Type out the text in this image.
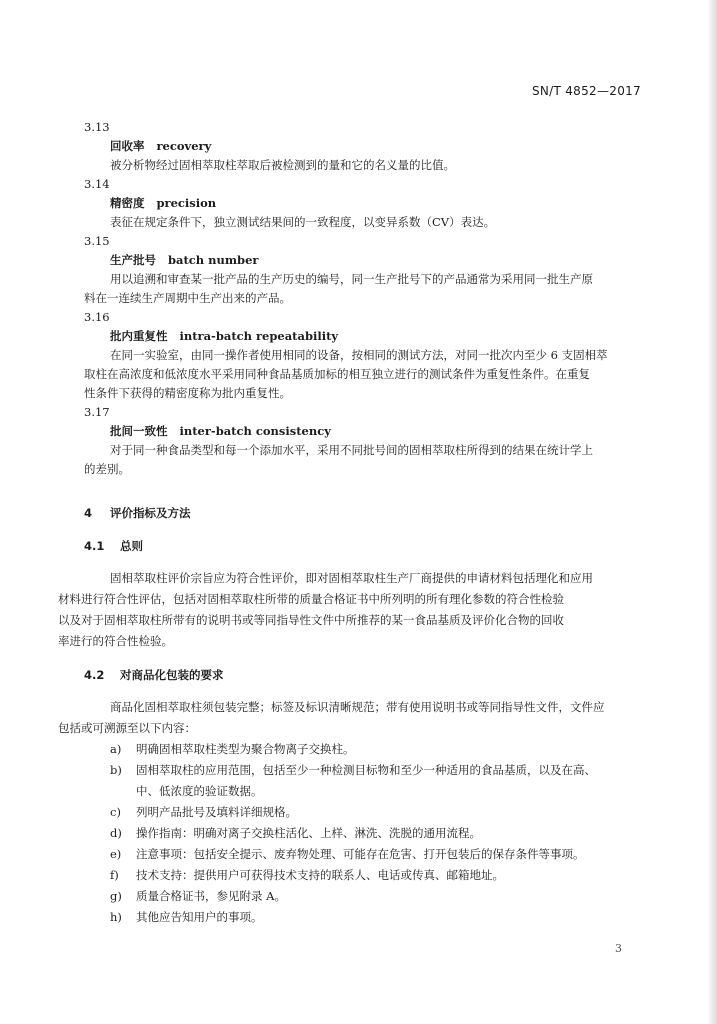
SN/T 4852—2017
3.13
回收率 recovery
被分析物经过固相萃取柱萃取后被检测到的量和它的名义量的比值。
3.14
精密度 precision
表征在规定条件下，独立测试结果间的一致程度，以变异系数（CV）表达。
3.15
生产批号 batch number
用以追溯和审查某一批产品的生产历史的编号，同一生产批号下的产品通常为采用同一批生产原
料在一连续生产周期中生产出来的产品。
3.16
批内重复性 intra-batch repeatability
在同一实验室，由同一操作者使用相同的设备，按相同的测试方法，对同一批次内至少 6 支固相萃
取柱在高浓度和低浓度水平采用同种食品基质加标的相互独立进行的测试条件为重复性条件。在重复
性条件下获得的精密度称为批内重复性。
3.17
批间一致性 inter-batch consistency
对于同一种食品类型和每一个添加水平，采用不同批号间的固相萃取柱所得到的结果在统计学上
的差别。
4 评价指标及方法
4.1 总则
固相萃取柱评价宗旨应为符合性评价，即对固相萃取柱生产厂商提供的申请材料包括理化和应用
材料进行符合性评估，包括对固相萃取柱所带的质量合格证书中所列明的所有理化参数的符合性检验
以及对于固相萃取柱所带有的说明书或等同指导性文件中所推荐的某一食品基质及评价化合物的回收
率进行的符合性检验。
4.2 对商品化包装的要求
商品化固相萃取柱须包装完整；标签及标识清晰规范；带有使用说明书或等同指导性文件，文件应
包括或可溯源至以下内容：
a) 明确固相萃取柱类型为聚合物离子交换柱。
b) 固相萃取柱的应用范围，包括至少一种检测目标物和至少一种适用的食品基质，以及在高、
中、低浓度的验证数据。
c) 列明产品批号及填料详细规格。
d) 操作指南：明确对离子交换柱活化、上样、淋洗、洗脱的通用流程。
e) 注意事项：包括安全提示、废弃物处理、可能存在危害、打开包装后的保存条件等事项。
f) 技术支持：提供用户可获得技术支持的联系人、电话或传真、邮箱地址。
g) 质量合格证书，参见附录 A。
h) 其他应告知用户的事项。
3
